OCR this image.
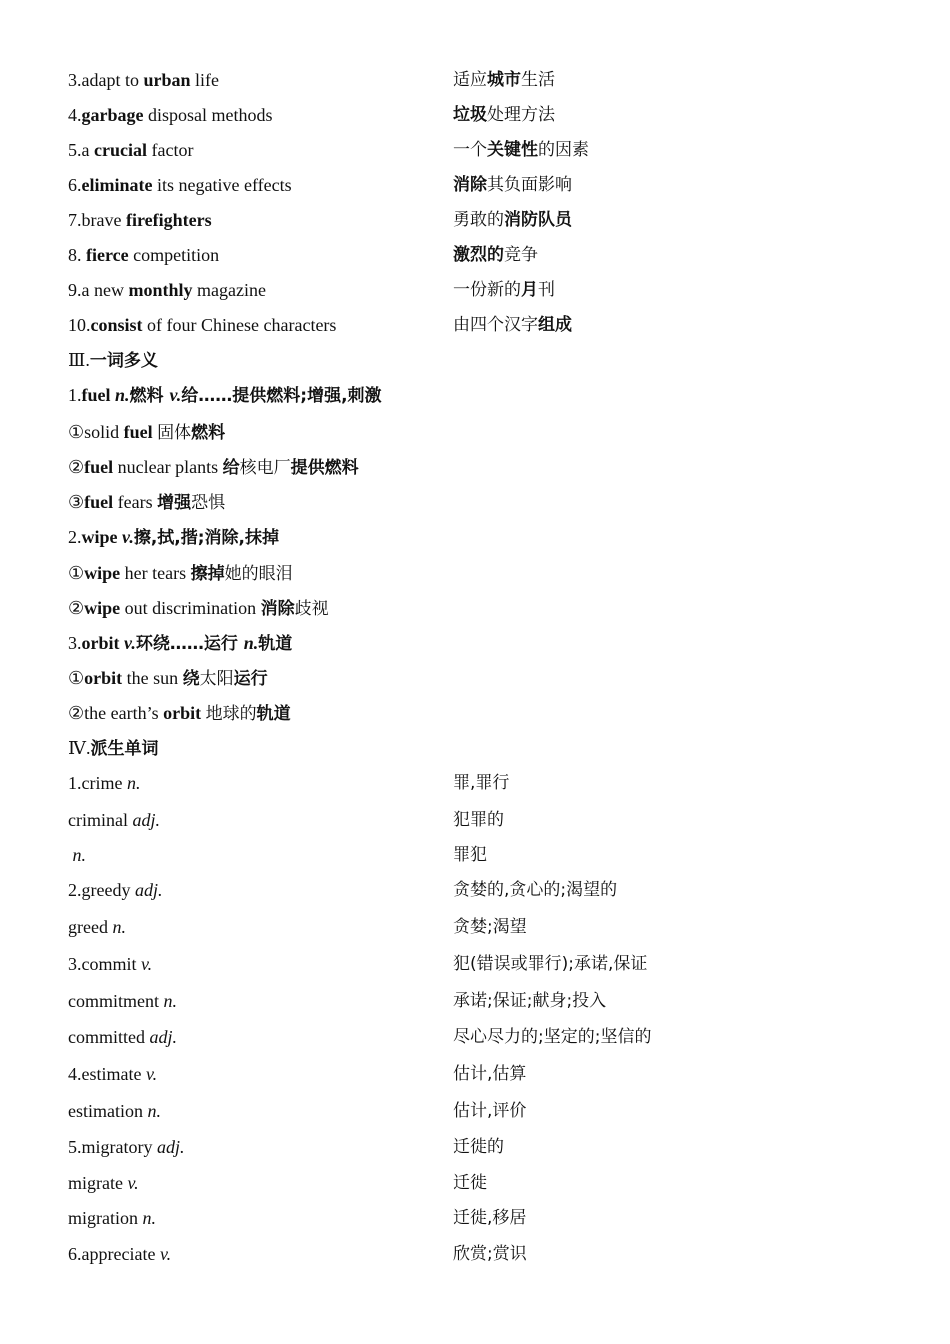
3.adapt to urban life	适应城市生活
4.garbage disposal methods	垃圾处理方法
5.a crucial factor	一个关键性的因素
6.eliminate its negative effects	消除其负面影响
7.brave firefighters	勇敢的消防队员
8. fierce competition	激烈的竞争
9.a new monthly magazine	一份新的月刊
10.consist of four Chinese characters	由四个汉字组成
Ⅲ.一词多义
1.fuel n.燃料 v.给……提供燃料;增强,刺激
①solid fuel 固体燃料
②fuel nuclear plants 给核电厂提供燃料
③fuel fears 增强恐惧
2.wipe v.擦,拭,揩;消除,抹掉
①wipe her tears 擦掉她的眼泪
②wipe out discrimination 消除歧视
3.orbit v.环绕……运行 n.轨道
①orbit the sun 绕太阳运行
②the earth’s orbit 地球的轨道
Ⅳ.派生单词
1.crime n.	罪,罪行
criminal adj.	犯罪的
n.	罪犯
2.greedy adj.	贪婪的,贪心的;渴望的
greed n.	贪婪;渴望
3.commit v.	犯(错误或罪行);承诺,保证
commitment n.	承诺;保证;献身;投入
committed adj.	尽心尽力的;坚定的;坚信的
4.estimate v.	估计,估算
estimation n.	估计,评价
5.migratory adj.	迁徙的
migrate v.	迁徙
migration n.	迁徙,移居
6.appreciate v.	欣赏;赏识
